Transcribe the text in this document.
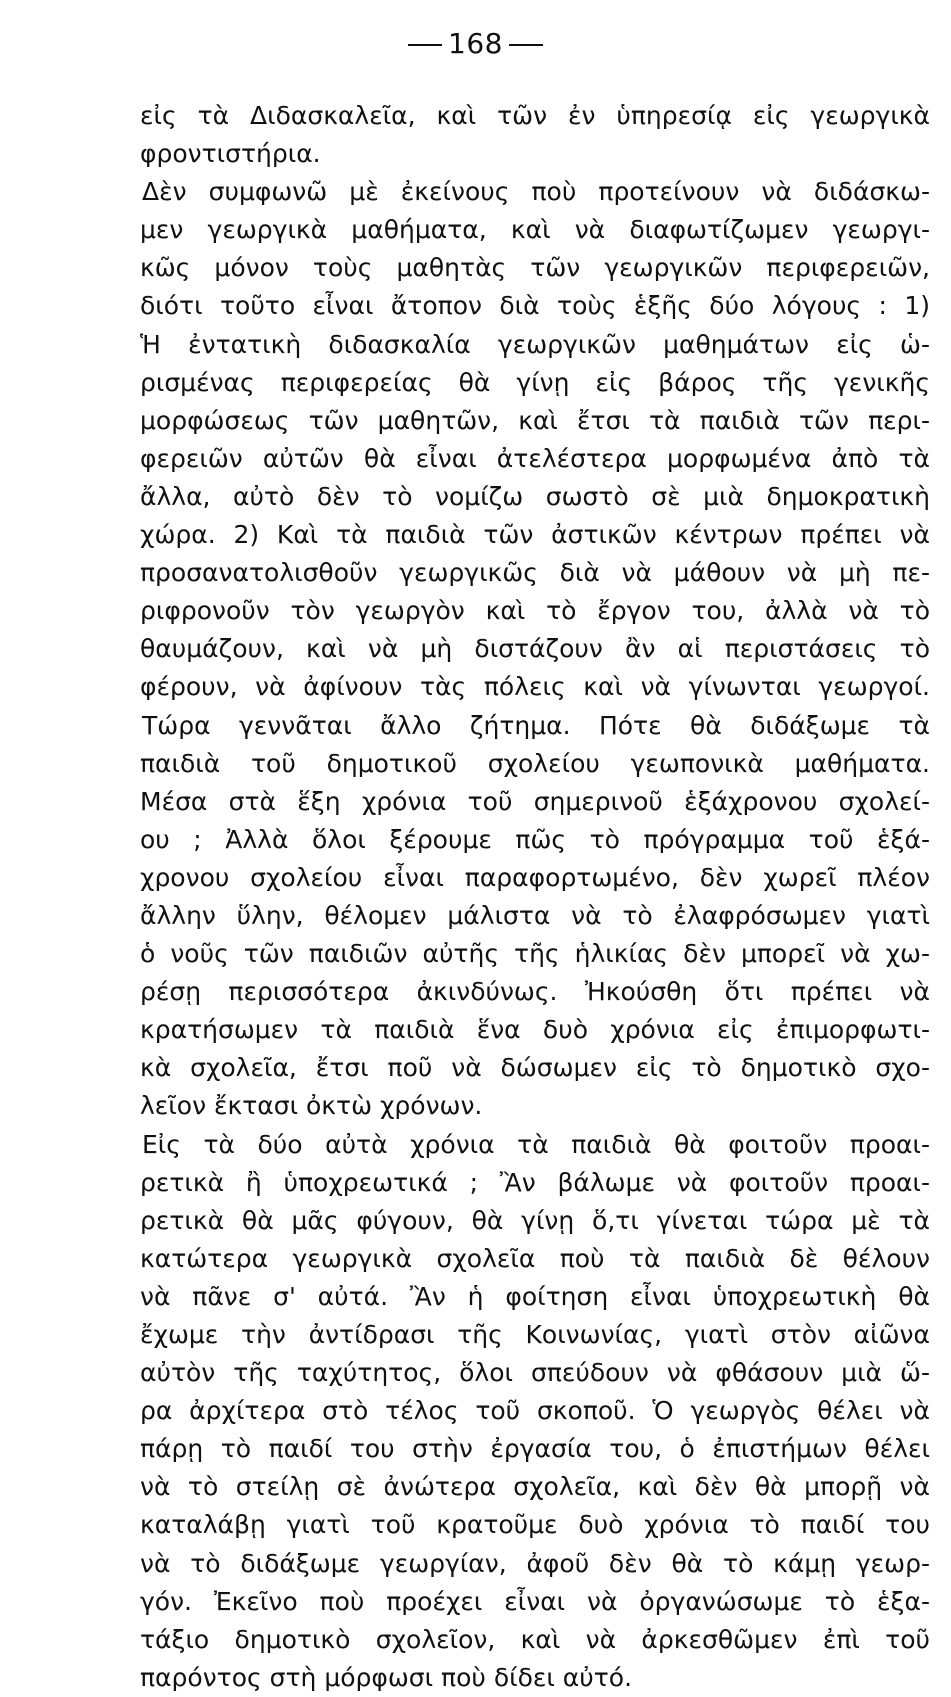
168
εἰς τὰ Διδασκαλεῖα, καὶ τῶν ἐν ὑπηρεσίᾳ εἰς γεωργικὰ
φροντιστήρια.
Δὲν συμφωνῶ μὲ ἐκείνους ποὺ προτείνουν νὰ διδάσκω-
μεν γεωργικὰ μαθήματα, καὶ νὰ διαφωτίζωμεν γεωργι-
κῶς μόνον τοὺς μαθητὰς τῶν γεωργικῶν περιφερειῶν,
διότι τοῦτο εἶναι ἄτοπον διὰ τοὺς ἑξῆς δύο λόγους : 1)
Ἡ ἐντατικὴ διδασκαλία γεωργικῶν μαθημάτων εἰς ὡ-
ρισμένας περιφερείας θὰ γίνῃ εἰς βάρος τῆς γενικῆς
μορφώσεως τῶν μαθητῶν, καὶ ἔτσι τὰ παιδιὰ τῶν περι-
φερειῶν αὐτῶν θὰ εἶναι ἀτελέστερα μορφωμένα ἀπὸ τὰ
ἄλλα, αὐτὸ δὲν τὸ νομίζω σωστὸ σὲ μιὰ δημοκρατικὴ
χώρα. 2) Καὶ τὰ παιδιὰ τῶν ἀστικῶν κέντρων πρέπει νὰ
προσανατολισθοῦν γεωργικῶς διὰ νὰ μάθουν νὰ μὴ πε-
ριφρονοῦν τὸν γεωργὸν καὶ τὸ ἔργον του, ἀλλὰ νὰ τὸ
θαυμάζουν, καὶ νὰ μὴ διστάζουν ἂν αἱ περιστάσεις τὸ
φέρουν, νὰ ἀφίνουν τὰς πόλεις καὶ νὰ γίνωνται γεωργοί.
Τώρα γεννᾶται ἄλλο ζήτημα. Πότε θὰ διδάξωμε τὰ
παιδιὰ τοῦ δημοτικοῦ σχολείου γεωπονικὰ μαθήματα.
Μέσα στὰ ἕξη χρόνια τοῦ σημερινοῦ ἑξάχρονου σχολεί-
ου ; Ἀλλὰ ὅλοι ξέρουμε πῶς τὸ πρόγραμμα τοῦ ἑξά-
χρονου σχολείου εἶναι παραφορτωμένο, δὲν χωρεῖ πλέον
ἄλλην ὕλην, θέλομεν μάλιστα νὰ τὸ ἐλαφρόσωμεν γιατὶ
ὁ νοῦς τῶν παιδιῶν αὐτῆς τῆς ἡλικίας δὲν μπορεῖ νὰ χω-
ρέσῃ περισσότερα ἀκινδύνως. Ἠκούσθη ὅτι πρέπει νὰ
κρατήσωμεν τὰ παιδιὰ ἕνα δυὸ χρόνια εἰς ἐπιμορφωτι-
κὰ σχολεῖα, ἔτσι ποῦ νὰ δώσωμεν εἰς τὸ δημοτικὸ σχο-
λεῖον ἔκτασι ὀκτὼ χρόνων.
Εἰς τὰ δύο αὐτὰ χρόνια τὰ παιδιὰ θὰ φοιτοῦν προαι-
ρετικὰ ἢ ὑποχρεωτικά ; Ἂν βάλωμε νὰ φοιτοῦν προαι-
ρετικὰ θὰ μᾶς φύγουν, θὰ γίνῃ ὅ,τι γίνεται τώρα μὲ τὰ
κατώτερα γεωργικὰ σχολεῖα ποὺ τὰ παιδιὰ δὲ θέλουν
νὰ πᾶνε σ' αὐτά. Ἂν ἡ φοίτηση εἶναι ὑποχρεωτικὴ θὰ
ἔχωμε τὴν ἀντίδρασι τῆς Κοινωνίας, γιατὶ στὸν αἰῶνα
αὐτὸν τῆς ταχύτητος, ὅλοι σπεύδουν νὰ φθάσουν μιὰ ὥ-
ρα ἀρχίτερα στὸ τέλος τοῦ σκοποῦ. Ὁ γεωργὸς θέλει νὰ
πάρῃ τὸ παιδί του στὴν ἐργασία του, ὁ ἐπιστήμων θέλει
νὰ τὸ στείλῃ σὲ ἀνώτερα σχολεῖα, καὶ δὲν θὰ μπορῇ νὰ
καταλάβῃ γιατὶ τοῦ κρατοῦμε δυὸ χρόνια τὸ παιδί του
νὰ τὸ διδάξωμε γεωργίαν, ἀφοῦ δὲν θὰ τὸ κάμῃ γεωρ-
γόν. Ἐκεῖνο ποὺ προέχει εἶναι νὰ ὀργανώσωμε τὸ ἑξα-
τάξιο δημοτικὸ σχολεῖον, καὶ νὰ ἀρκεσθῶμεν ἐπὶ τοῦ
παρόντος στὴ μόρφωσι ποὺ δίδει αὐτό.
